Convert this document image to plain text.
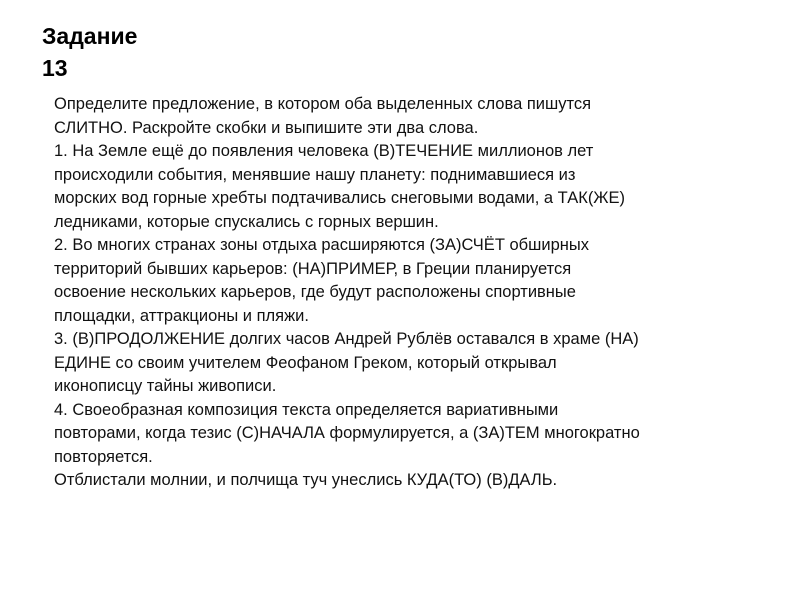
Задание
13

Определите предложение, в котором оба выделенных слова пишутся
СЛИТНО. Раскройте скобки и выпишите эти два слова.

1. На Земле ещё до появления человека (В)ТЕЧЕНИЕ миллионов лет
происходили события, менявшие нашу планету: поднимавшиеся из
морских вод горные хребты подтачивались снеговыми водами, а ТАК(ЖЕ)
ледниками, которые спускались с горных вершин.

2. Во многих странах зоны отдыха расширяются (ЗА)СЧЁТ обширных
территорий бывших карьеров: (НА)ПРИМЕР, в Греции планируется
освоение нескольких карьеров, где будут расположены спортивные
площадки, аттракционы и пляжи.

3. (В)ПРОДОЛЖЕНИЕ долгих часов Андрей Рублёв оставался в храме (НА)
ЕДИНЕ со своим учителем Феофаном Греком, который открывал
иконописцу тайны живописи.

4. Своеобразная композиция текста определяется вариативными
повторами, когда тезис (С)НАЧАЛА формулируется, а (ЗА)ТЕМ многократно
повторяется.
Отблистали молнии, и полчища туч унеслись КУДА(ТО) (В)ДАЛЬ.
